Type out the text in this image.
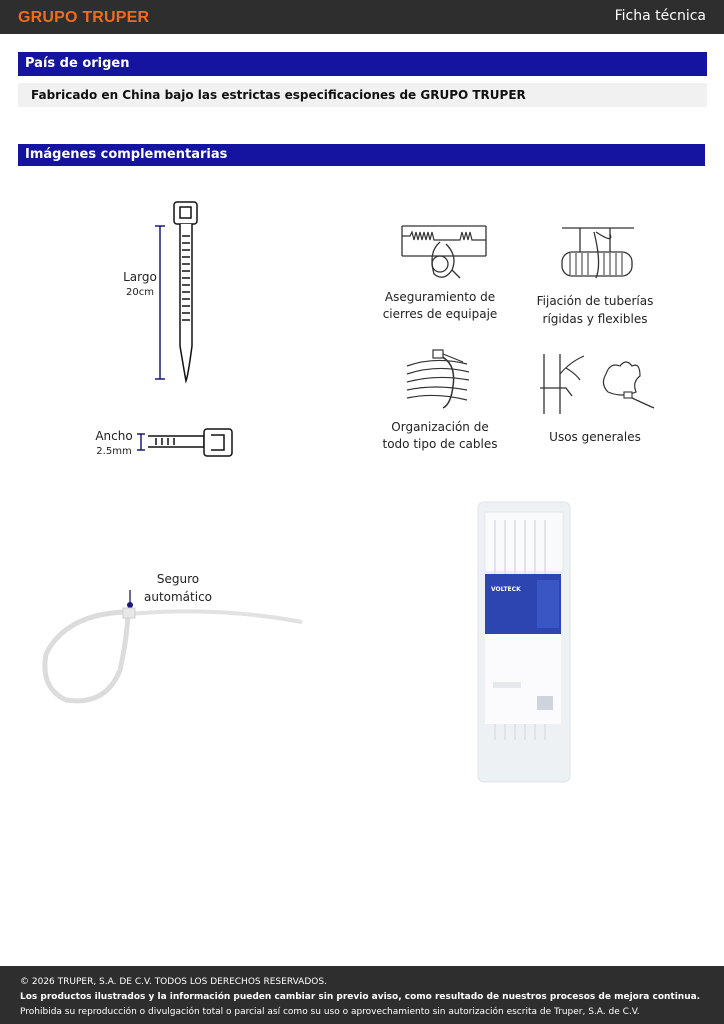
GRUPO TRUPER	Ficha técnica
País de origen
Fabricado en China bajo las estrictas especificaciones de GRUPO TRUPER
Imágenes complementarias
Largo
20cm
Ancho
2.5mm
Aseguramiento de
cierres de equipaje
Fijación de tuberías
rígidas y flexibles
Organización de
todo tipo de cables	Usos generales
Seguro automático
VOLTECK
© 2026 TRUPER, S.A. DE C.V. TODOS LOS DERECHOS RESERVADOS.
Los productos ilustrados y la información pueden cambiar sin previo aviso, como resultado de nuestros procesos de mejora continua.
Prohibida su reproducción o divulgación total o parcial así como su uso o aprovechamiento sin autorización escrita de Truper, S.A. de C.V.
